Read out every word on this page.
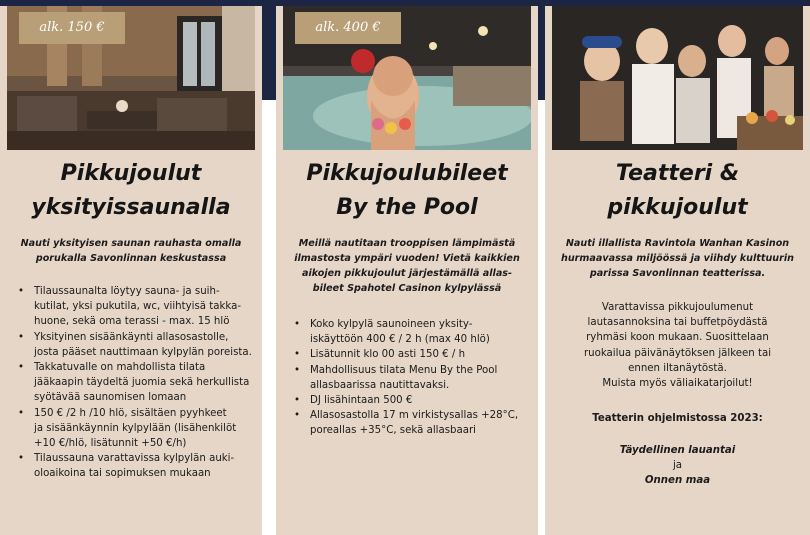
alk. 150 €
Pikkujoulut
yksityissaunalla
Nauti yksityisen saunan rauhasta omalla
porukalla Savonlinnan keskustassa
• Tilaussaunalta löytyy sauna- ja suih-
kutilat, yksi pukutila, wc, viihtyisä takka-
huone, sekä oma terassi - max. 15 hlö
• Yksityinen sisäänkäynti allasosastolle,
josta pääset nauttimaan kylpylän poreista.
• Takkatuvalle on mahdollista tilata
jääkaapin täydeltä juomia sekä herkullista
syötävää saunomisen lomaan
• 150 € /2 h /10 hlö, sisältäen pyyhkeet
ja sisäänkäynnin kylpylään (lisähenkilöt
+10 €/hlö, lisätunnit +50 €/h)
• Tilaussauna varattavissa kylpylän auki-
oloaikoina tai sopimuksen mukaan
alk. 400 €
Pikkujoulubileet
By the Pool
Meillä nautitaan trooppisen lämpimästä
ilmastosta ympäri vuoden! Vietä kaikkien
aikojen pikkujoulut järjestämällä allas-
bileet Spahotel Casinon kylpylässä
• Koko kylpylä saunoineen yksity-
iskäyttöön 400 € / 2 h (max 40 hlö)
• Lisätunnit klo 00 asti 150 € / h
• Mahdollisuus tilata Menu By the Pool
allasbaarissa nautittavaksi.
• DJ lisähintaan 500 €
• Allasosastolla 17 m virkistysallas +28°C,
poreallas +35°C, sekä allasbaari
Teatteri &
pikkujoulut
Nauti illallista Ravintola Wanhan Kasinon
hurmaavassa miljöössä ja viihdy kulttuurin
parissa Savonlinnan teatterissa.
Varattavissa pikkujoulumenut
lautasannoksina tai buffetpöydästä
ryhmäsi koon mukaan. Suosittelaan
ruokailua päivänäytöksen jälkeen tai
ennen iltanäytöstä.
Muista myös väliaikatarjoilut!
Teatterin ohjelmistossa 2023:
Täydellinen lauantai
ja
Onnen maa
